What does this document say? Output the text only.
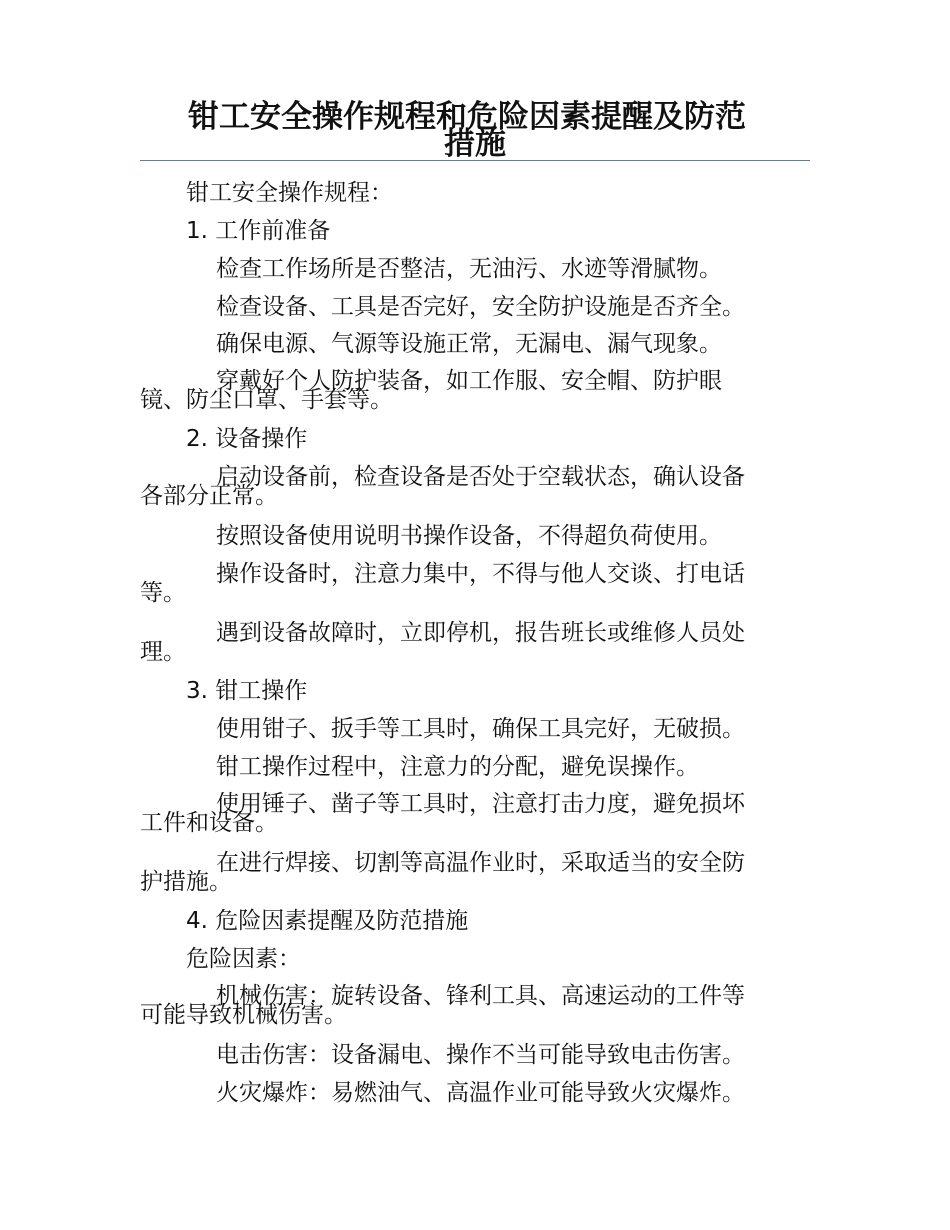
钳工安全操作规程和危险因素提醒及防范
措施
钳工安全操作规程：
1. 工作前准备
检查工作场所是否整洁，无油污、水迹等滑腻物。
检查设备、工具是否完好，安全防护设施是否齐全。
确保电源、气源等设施正常，无漏电、漏气现象。
穿戴好个人防护装备，如工作服、安全帽、防护眼
镜、防尘口罩、手套等。
2. 设备操作
启动设备前，检查设备是否处于空载状态，确认设备
各部分正常。
按照设备使用说明书操作设备，不得超负荷使用。
操作设备时，注意力集中，不得与他人交谈、打电话
等。
遇到设备故障时，立即停机，报告班长或维修人员处
理。
3. 钳工操作
使用钳子、扳手等工具时，确保工具完好，无破损。
钳工操作过程中，注意力的分配，避免误操作。
使用锤子、凿子等工具时，注意打击力度，避免损坏
工件和设备。
在进行焊接、切割等高温作业时，采取适当的安全防
护措施。
4. 危险因素提醒及防范措施
危险因素：
机械伤害：旋转设备、锋利工具、高速运动的工件等
可能导致机械伤害。
电击伤害：设备漏电、操作不当可能导致电击伤害。
火灾爆炸：易燃油气、高温作业可能导致火灾爆炸。
